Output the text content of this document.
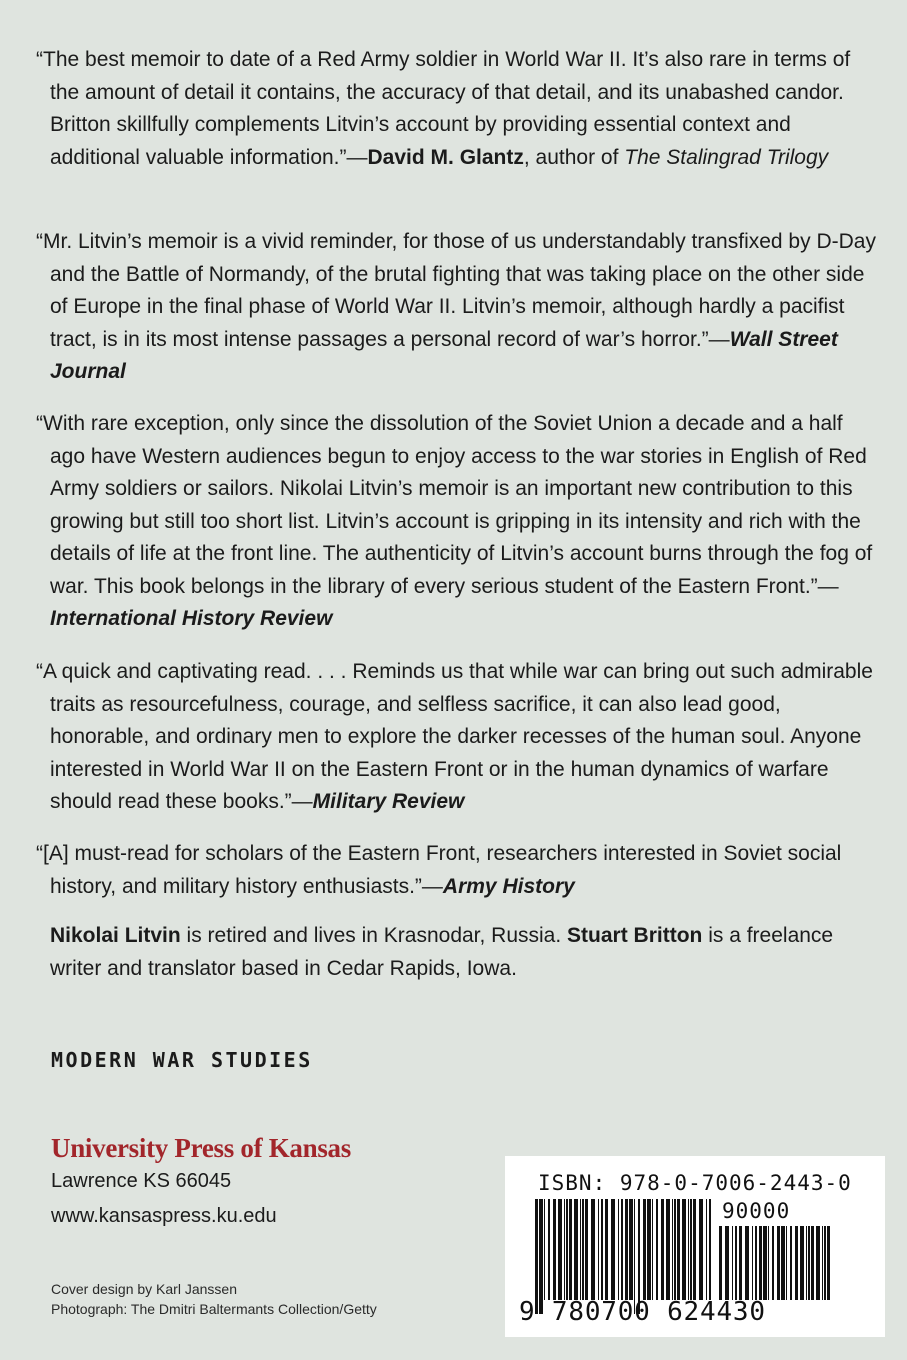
“The best memoir to date of a Red Army soldier in World War II. It’s also rare in terms of the amount of detail it contains, the accuracy of that detail, and its unabashed candor. Britton skillfully complements Litvin’s account by providing essential context and additional valuable information.”—David M. Glantz, author of The Stalingrad Trilogy

“Mr. Litvin’s memoir is a vivid reminder, for those of us understandably transfixed by D-Day and the Battle of Normandy, of the brutal fighting that was taking place on the other side of Europe in the final phase of World War II. Litvin’s memoir, although hardly a pacifist tract, is in its most intense passages a personal record of war’s horror.”—Wall Street Journal

“With rare exception, only since the dissolution of the Soviet Union a decade and a half ago have Western audiences begun to enjoy access to the war stories in English of Red Army soldiers or sailors. Nikolai Litvin’s memoir is an important new contribution to this growing but still too short list. Litvin’s account is gripping in its intensity and rich with the details of life at the front line. The authenticity of Litvin’s account burns through the fog of war. This book belongs in the library of every serious student of the Eastern Front.”—International History Review

“A quick and captivating read. . . . Reminds us that while war can bring out such admirable traits as resourcefulness, courage, and selfless sacrifice, it can also lead good, honorable, and ordinary men to explore the darker recesses of the human soul. Anyone interested in World War II on the Eastern Front or in the human dynamics of warfare should read these books.”—Military Review

“[A] must-read for scholars of the Eastern Front, researchers interested in Soviet social history, and military history enthusiasts.”—Army History

Nikolai Litvin is retired and lives in Krasnodar, Russia. Stuart Britton is a freelance writer and translator based in Cedar Rapids, Iowa.

MODERN WAR STUDIES
University Press of Kansas
Lawrence KS 66045
www.kansaspress.ku.edu
Cover design by Karl Janssen
Photograph: The Dmitri Baltermants Collection/Getty
ISBN: 978-0-7006-2443-0
90000
9 780700 624430
